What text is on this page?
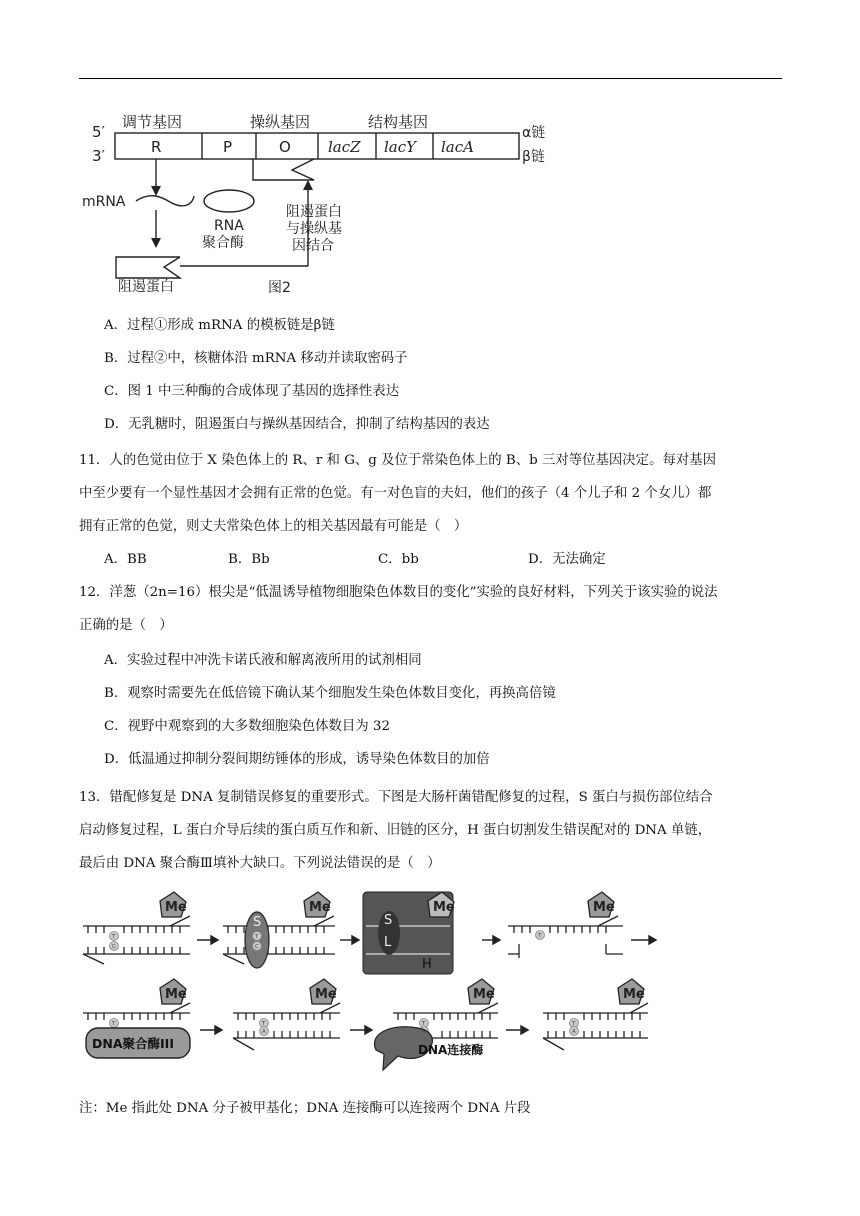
5′
3′
调节基因	操纵基因	结构基因
R	P	O lacZ lacY lacA
α链
β链
mRNA
RNA
聚合酶
阻遏蛋白
阻遏蛋白
与操纵基
因结合
图2
A．过程①形成 mRNA 的模板链是β链
B．过程②中，核糖体沿 mRNA 移动并读取密码子
C．图 1 中三种酶的合成体现了基因的选择性表达
D．无乳糖时，阻遏蛋白与操纵基因结合，抑制了结构基因的表达
11．人的色觉由位于 X 染色体上的 R、r 和 G、g 及位于常染色体上的 B、b 三对等位基因决定。每对基因
中至少要有一个显性基因才会拥有正常的色觉。有一对色盲的夫妇，他们的孩子（4 个儿子和 2 个女儿）都
拥有正常的色觉，则丈夫常染色体上的相关基因最有可能是（　）
A．BB	B．Bb	C．bb	D．无法确定
12．洋葱（2n=16）根尖是“低温诱导植物细胞染色体数目的变化”实验的良好材料，下列关于该实验的说法
正确的是（　）
A．实验过程中冲洗卡诺氏液和解离液所用的试剂相同
B．观察时需要先在低倍镜下确认某个细胞发生染色体数目变化，再换高倍镜
C．视野中观察到的大多数细胞染色体数目为 32
D．低温通过抑制分裂间期纺锤体的形成，诱导染色体数目的加倍
13．错配修复是 DNA 复制错误修复的重要形式。下图是大肠杆菌错配修复的过程，S 蛋白与损伤部位结合
启动修复过程，L 蛋白介导后续的蛋白质互作和新、旧链的区分，H 蛋白切割发生错误配对的 DNA 单链，
最后由 DNA 聚合酶Ⅲ填补大缺口。下列说法错误的是（　）
Me	Me	Me	Me
Me	Me	Me	Me
S	S
L
H
T
C
T
C
T
T	T
A
T
A
T
A
DNA聚合酶III	DNA连接酶
注：Me 指此处 DNA 分子被甲基化；DNA 连接酶可以连接两个 DNA 片段
